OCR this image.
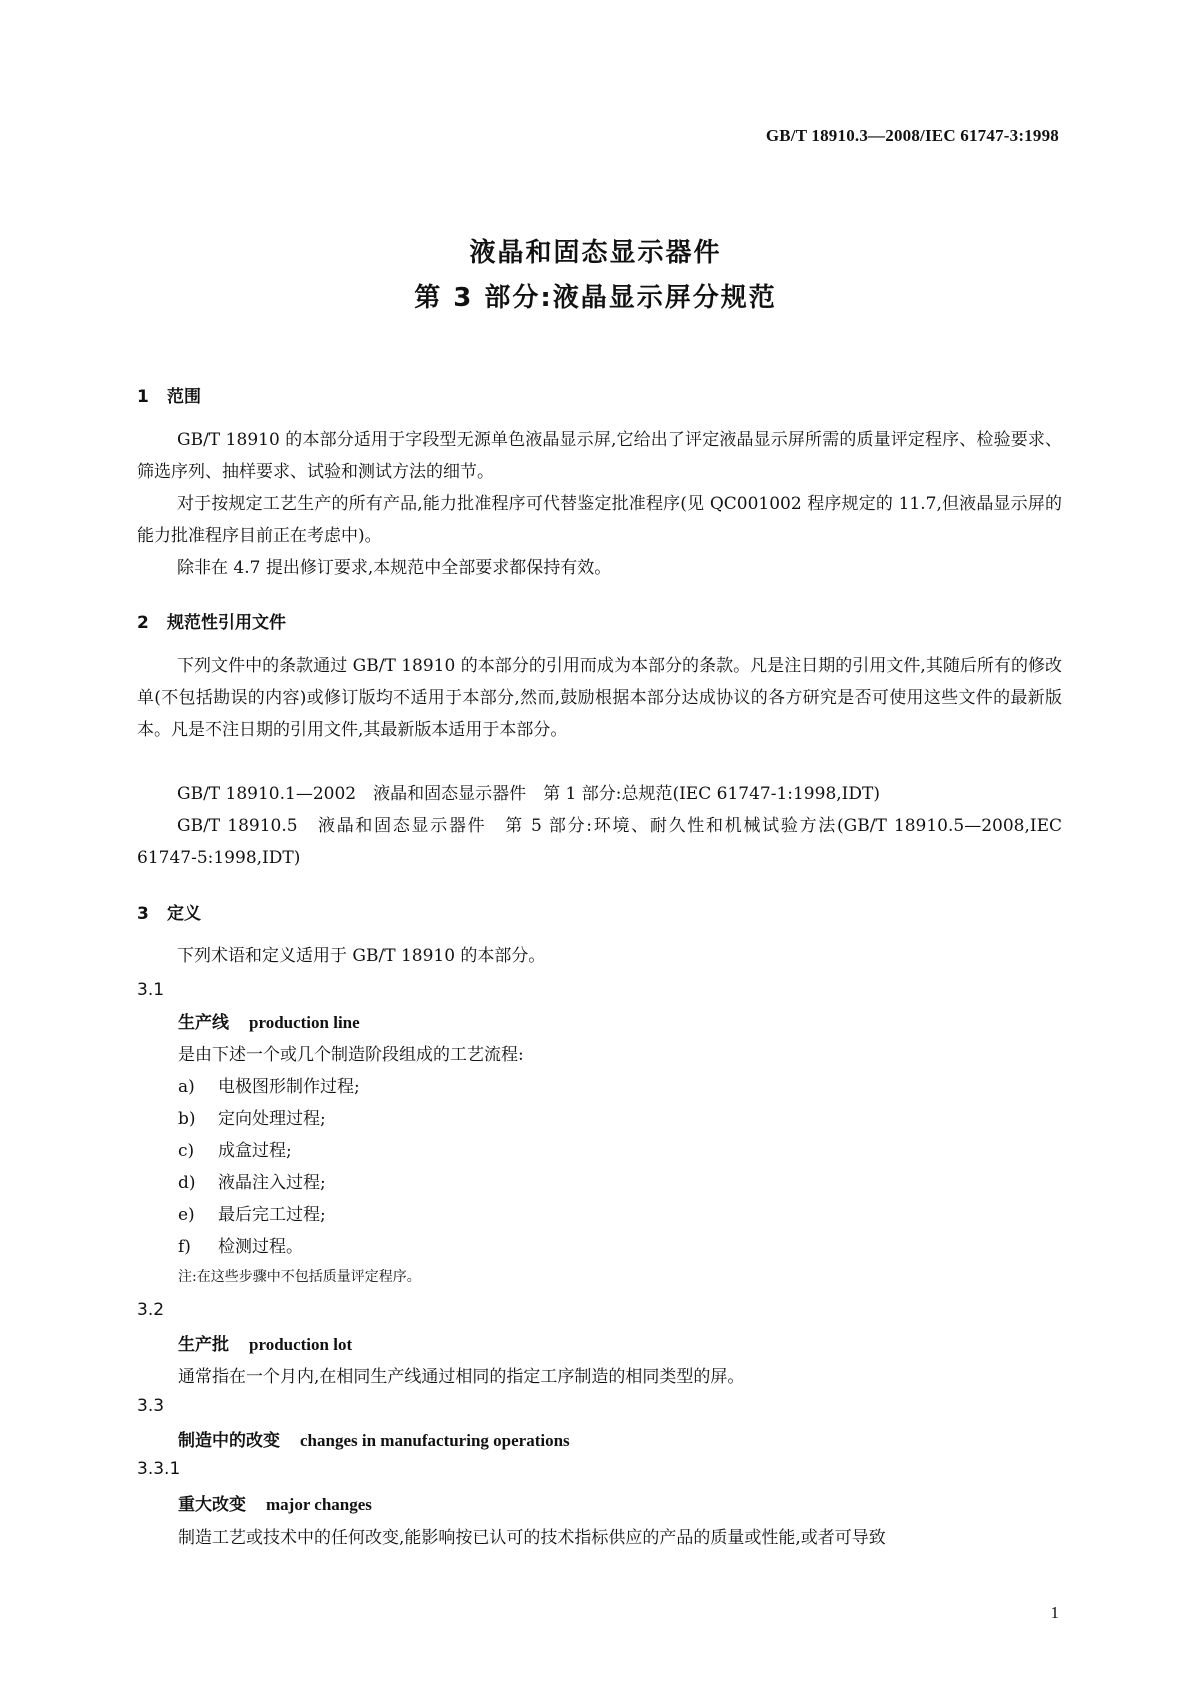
GB/T 18910.3—2008/IEC 61747-3:1998
液晶和固态显示器件
第 3 部分:液晶显示屏分规范
1 范围
GB/T 18910 的本部分适用于字段型无源单色液晶显示屏,它给出了评定液晶显示屏所需的质量评定程序、检验要求、筛选序列、抽样要求、试验和测试方法的细节。
对于按规定工艺生产的所有产品,能力批准程序可代替鉴定批准程序(见 QC001002 程序规定的 11.7,但液晶显示屏的能力批准程序目前正在考虑中)。
除非在 4.7 提出修订要求,本规范中全部要求都保持有效。
2 规范性引用文件
下列文件中的条款通过 GB/T 18910 的本部分的引用而成为本部分的条款。凡是注日期的引用文件,其随后所有的修改单(不包括勘误的内容)或修订版均不适用于本部分,然而,鼓励根据本部分达成协议的各方研究是否可使用这些文件的最新版本。凡是不注日期的引用文件,其最新版本适用于本部分。
GB/T 18910.1—2002　液晶和固态显示器件　第 1 部分:总规范(IEC 61747-1:1998,IDT)
GB/T 18910.5　液晶和固态显示器件　第 5 部分:环境、耐久性和机械试验方法(GB/T 18910.5—2008,IEC 61747-5:1998,IDT)
3 定义
下列术语和定义适用于 GB/T 18910 的本部分。
3.1
生产线 production line
是由下述一个或几个制造阶段组成的工艺流程:
a) 电极图形制作过程;
b) 定向处理过程;
c) 成盒过程;
d) 液晶注入过程;
e) 最后完工过程;
f) 检测过程。
注:在这些步骤中不包括质量评定程序。
3.2
生产批 production lot
通常指在一个月内,在相同生产线通过相同的指定工序制造的相同类型的屏。
3.3
制造中的改变 changes in manufacturing operations
3.3.1
重大改变 major changes
制造工艺或技术中的任何改变,能影响按已认可的技术指标供应的产品的质量或性能,或者可导致
1
